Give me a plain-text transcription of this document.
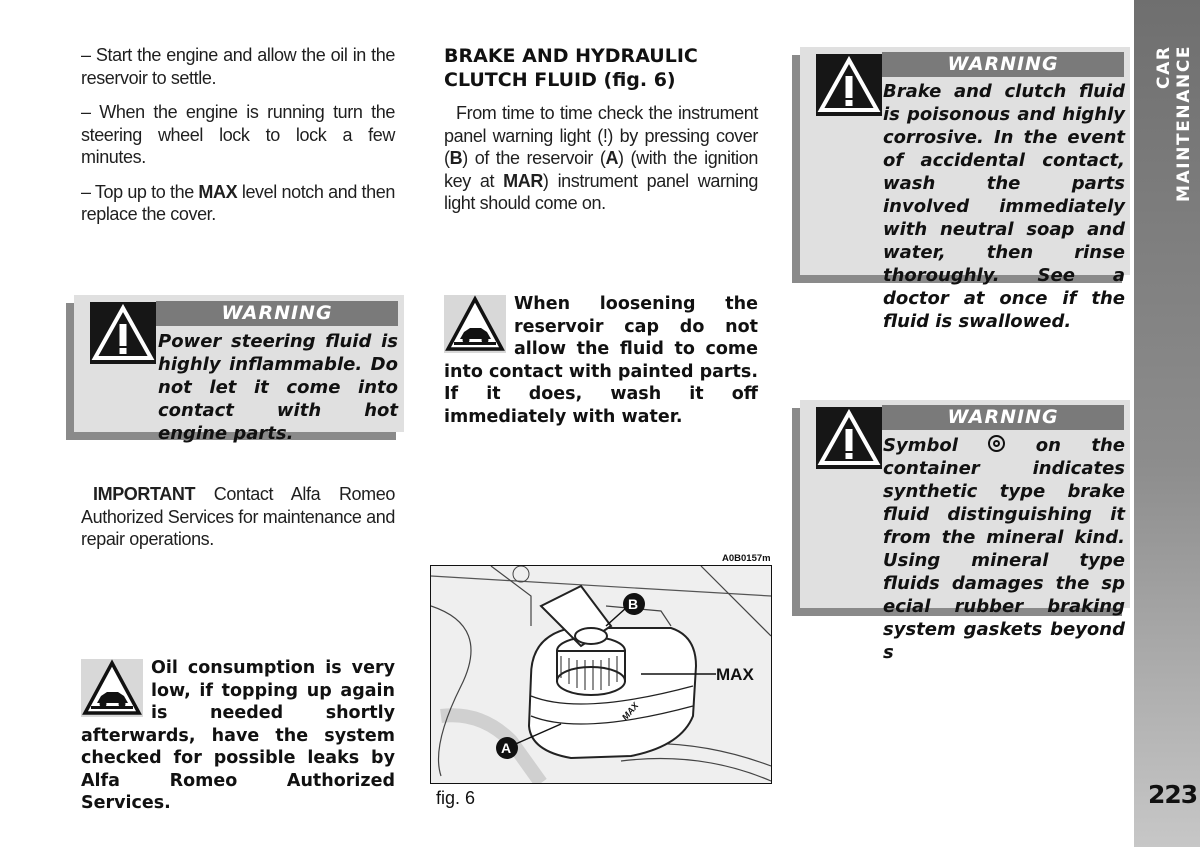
CAR MAINTENANCE
223

– Start the engine and allow the oil in the reservoir to settle.

– When the engine is running turn the steering wheel lock to lock a few minutes.

– Top up to the MAX level notch and then replace the cover.

WARNING
Power steering fluid is highly inflammable. Do not let it come into contact with hot engine parts.

IMPORTANT Contact Alfa Romeo Authorized Services for maintenance and repair operations.

Oil consumption is very low, if topping up again is needed shortly afterwards, have the system checked for possible leaks by Alfa Romeo Authorized Services.
BRAKE AND HYDRAULIC
CLUTCH FLUID (fig. 6)

From time to time check the instrument panel warning light (!) by pressing cover (B) of the reservoir (A) (with the ignition key at MAR) instrument panel warning light should come on.

When loosening the reservoir cap do not allow the fluid to come into contact with painted parts. If it does, wash it off immediately with water.
A0B0157m
MAX
B
A
MAX
fig. 6
WARNING
Brake and clutch fluid is poisonous and highly corrosive. In the event of accidental contact, wash the parts involved immediately with neutral soap and water, then rinse thoroughly. See a doctor at once if the fluid is swallowed.
WARNING
Symbol	on the container indicates synthetic type brake fluid distinguishing it from the mineral kind. Using mineral type fluids damages the sp ecial rubber braking system gaskets beyond s
